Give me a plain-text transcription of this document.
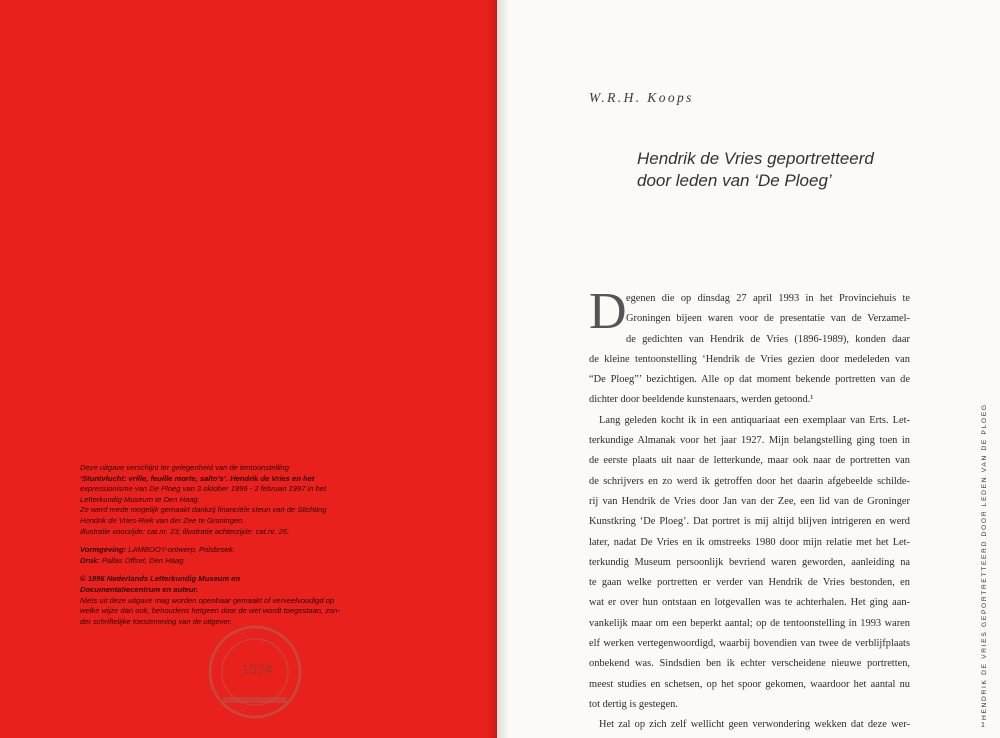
Deze uitgave verschijnt ter gelegenheid van de tentoonstelling
‘Stuntvlucht: vrille, feuille morte, salto’s’. Hendrik de Vries en het
expressionisme van De Ploeg van 3 oktober 1996 - 2 februari 1997 in het
Letterkundig Museum te Den Haag.
Ze werd mede mogelijk gemaakt dankzij financiële steun van de Stichting
Hendrik de Vries-Riek van der Zee te Groningen.
Illustratie voorzijde: cat.nr. 23; illustratie achterzijde: cat.nr. 26.
Vormgeving: LAMBOOY-ontwerp, Polsbroek.
Druk: Pallas Offset, Den Haag
© 1996 Nederlands Letterkundig Museum en
Documentatiecentrum en auteur.
Niets uit deze uitgave mag worden openbaar gemaakt of verveelvoudigd op
welke wijze dan ook, behoudens hetgeen door de wet wordt toegestaan, zon-
der schriftelijke toestemming van de uitgever.
1574
W.R.H. Koops
Hendrik de Vries geportretteerd
door leden van ‘De Ploeg’
D egenen die op dinsdag 27 april 1993 in het Provinciehuis te
Groningen bijeen waren voor de presentatie van de Verzamel-
de gedichten van Hendrik de Vries (1896-1989), konden daar
de kleine tentoonstelling ‘Hendrik de Vries gezien door medeleden van
“De Ploeg”’ bezichtigen. Alle op dat moment bekende portretten van de
dichter door beeldende kunstenaars, werden getoond.¹
Lang geleden kocht ik in een antiquariaat een exemplaar van Erts. Let-
terkundige Almanak voor het jaar 1927. Mijn belangstelling ging toen in
de eerste plaats uit naar de letterkunde, maar ook naar de portretten van
de schrijvers en zo werd ik getroffen door het daarin afgebeelde schilde-
rij van Hendrik de Vries door Jan van der Zee, een lid van de Groninger
Kunstkring ‘De Ploeg’. Dat portret is mij altijd blijven intrigeren en werd
later, nadat De Vries en ik omstreeks 1980 door mijn relatie met het Let-
terkundig Museum persoonlijk bevriend waren geworden, aanleiding na
te gaan welke portretten er verder van Hendrik de Vries bestonden, en
wat er over hun ontstaan en lotgevallen was te achterhalen. Het ging aan-
vankelijk maar om een beperkt aantal; op de tentoonstelling in 1993 waren
elf werken vertegenwoordigd, waarbij bovendien van twee de verblijfplaats
onbekend was. Sindsdien ben ik echter verscheidene nieuwe portretten,
meest studies en schetsen, op het spoor gekomen, waardoor het aantal nu
tot dertig is gestegen.
Het zal op zich zelf wellicht geen verwondering wekken dat deze wer-
HENDRIK DE VRIES GEPORTRETTEERD DOOR LEDEN VAN DE PLOEG
1
